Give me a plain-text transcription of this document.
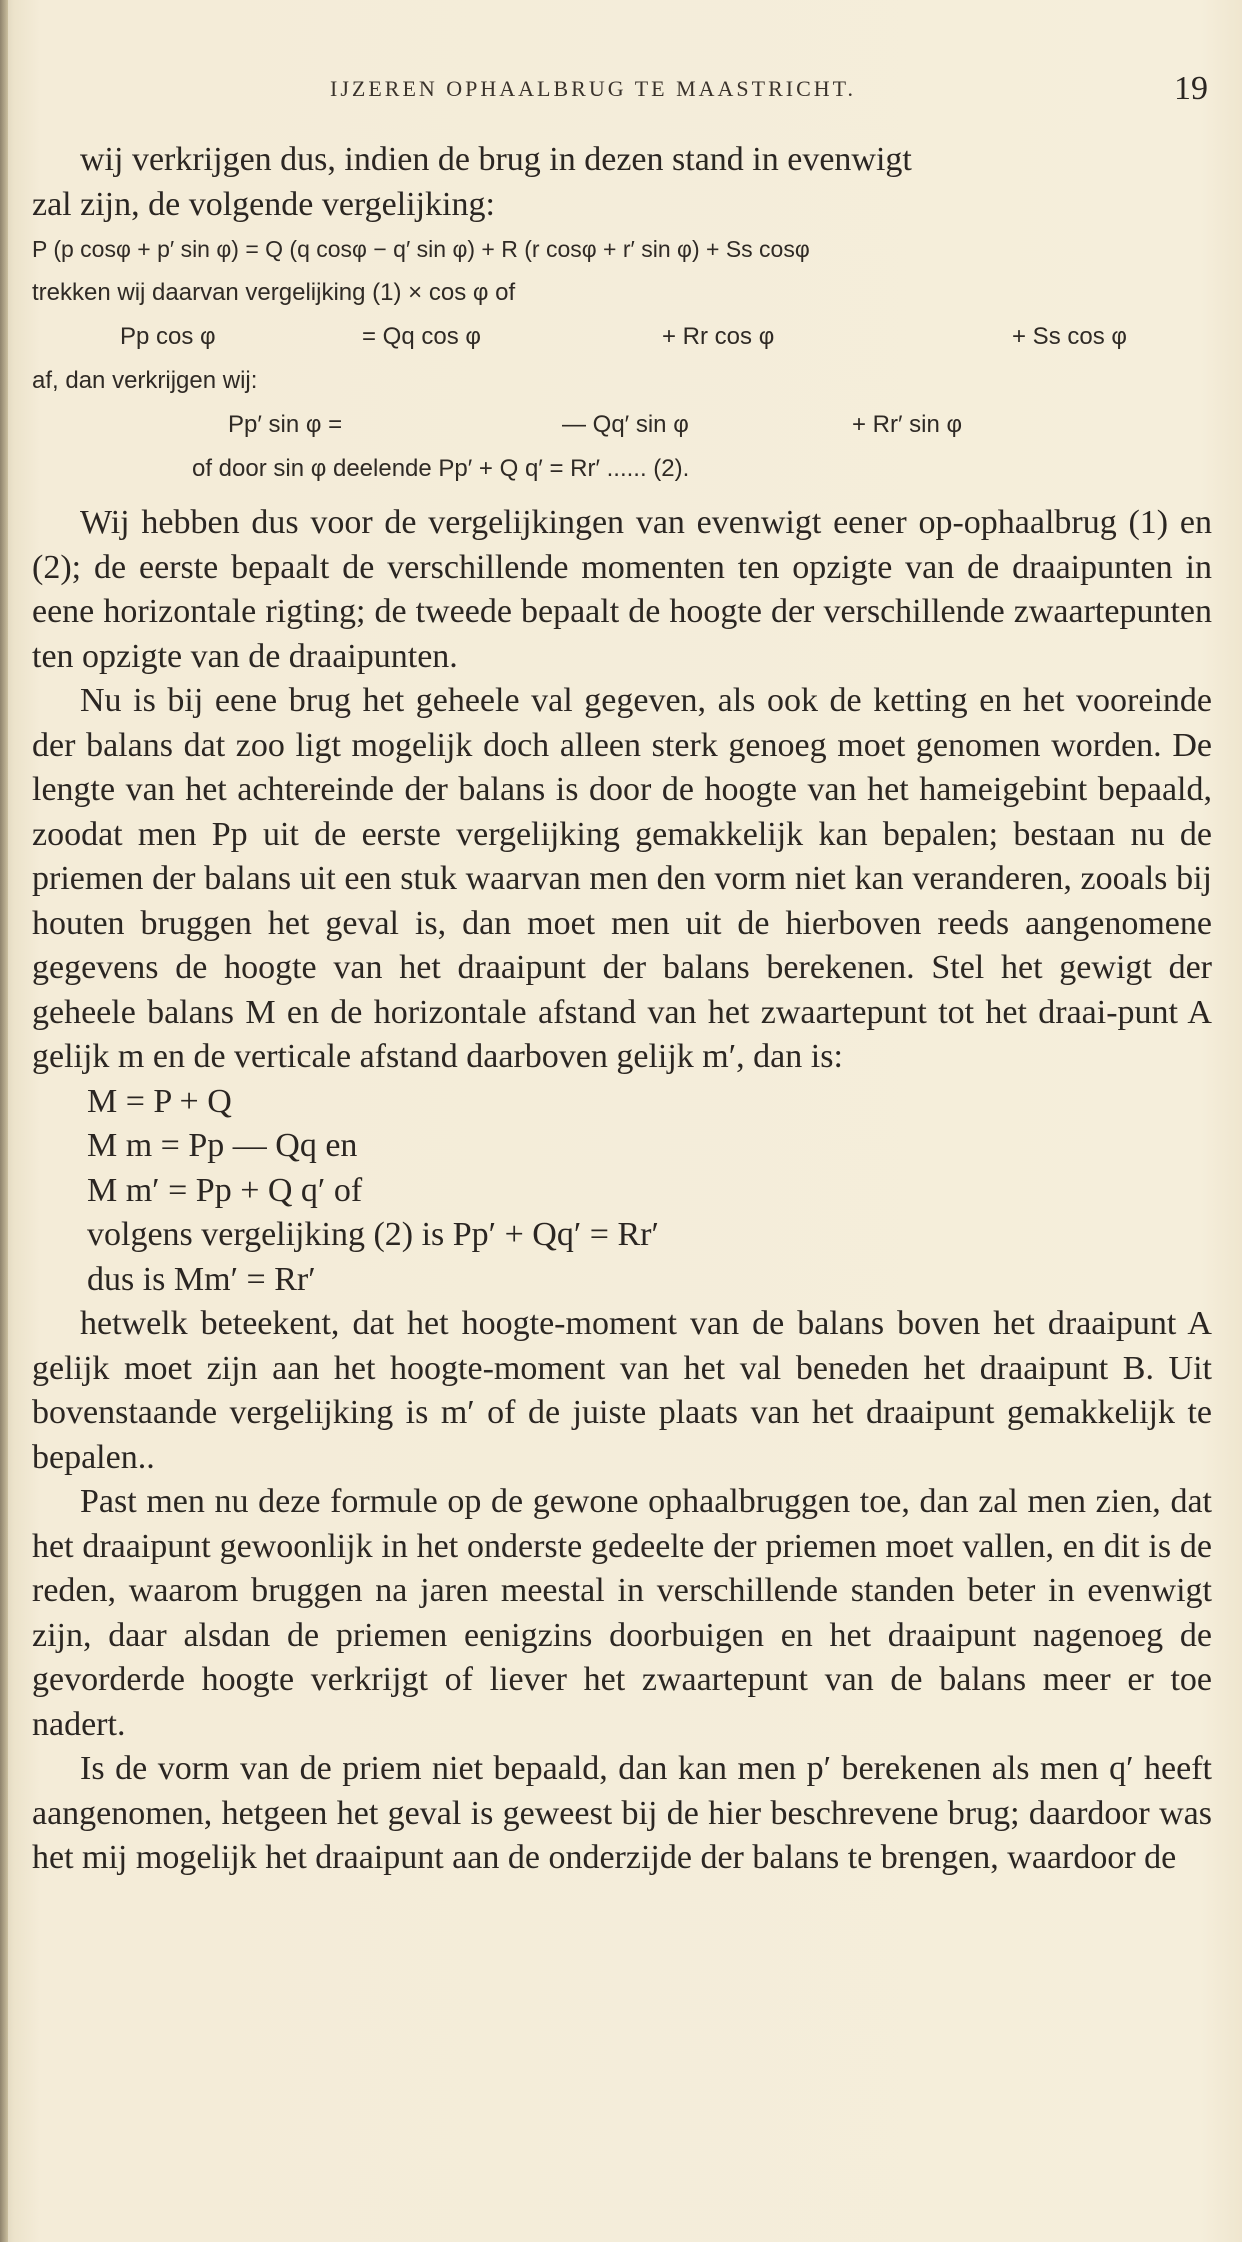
IJZEREN OPHAALBRUG TE MAASTRICHT.	19
wij verkrijgen dus, indien de brug in dezen stand in evenwigt
zal zijn, de volgende vergelijking:
P (p cosφ + p′ sin φ) = Q (q cosφ − q′ sin φ) + R (r cosφ + r′ sin φ) + Ss cosφ
trekken wij daarvan vergelijking (1) × cos φ of
Pp cos φ	= Qq cos φ	+ Rr cos φ	+ Ss cos φ
af, dan verkrijgen wij:
Pp′ sin φ =	— Qq′ sin φ	+ Rr′ sin φ
of door sin φ deelende Pp′ + Q q′ = Rr′ ...... (2).

Wij hebben dus voor de vergelijkingen van evenwigt eener op-ophaalbrug (1) en (2); de eerste bepaalt de verschillende momenten ten opzigte van de draaipunten in eene horizontale rigting; de tweede bepaalt de hoogte der verschillende zwaartepunten ten opzigte van de draaipunten.

Nu is bij eene brug het geheele val gegeven, als ook de ketting en het vooreinde der balans dat zoo ligt mogelijk doch alleen sterk genoeg moet genomen worden. De lengte van het achtereinde der balans is door de hoogte van het hameigebint bepaald, zoodat men Pp uit de eerste vergelijking gemakkelijk kan bepalen; bestaan nu de priemen der balans uit een stuk waarvan men den vorm niet kan veranderen, zooals bij houten bruggen het geval is, dan moet men uit de hierboven reeds aangenomene gegevens de hoogte van het draaipunt der balans berekenen. Stel het gewigt der geheele balans M en de horizontale afstand van het zwaartepunt tot het draai-punt A gelijk m en de verticale afstand daarboven gelijk m′, dan is:

M = P + Q
M m = Pp — Qq en
M m′ = Pp + Q q′ of
volgens vergelijking (2) is Pp′ + Qq′ = Rr′
dus is Mm′ = Rr′

hetwelk beteekent, dat het hoogte-moment van de balans boven het draaipunt A gelijk moet zijn aan het hoogte-moment van het val beneden het draaipunt B. Uit bovenstaande vergelijking is m′ of de juiste plaats van het draaipunt gemakkelijk te bepalen..

Past men nu deze formule op de gewone ophaalbruggen toe, dan zal men zien, dat het draaipunt gewoonlijk in het onderste gedeelte der priemen moet vallen, en dit is de reden, waarom bruggen na jaren meestal in verschillende standen beter in evenwigt zijn, daar alsdan de priemen eenigzins doorbuigen en het draaipunt nagenoeg de gevorderde hoogte verkrijgt of liever het zwaartepunt van de balans meer er toe nadert.

Is de vorm van de priem niet bepaald, dan kan men p′ berekenen als men q′ heeft aangenomen, hetgeen het geval is geweest bij de hier beschrevene brug; daardoor was het mij mogelijk het draaipunt aan de onderzijde der balans te brengen, waardoor de
